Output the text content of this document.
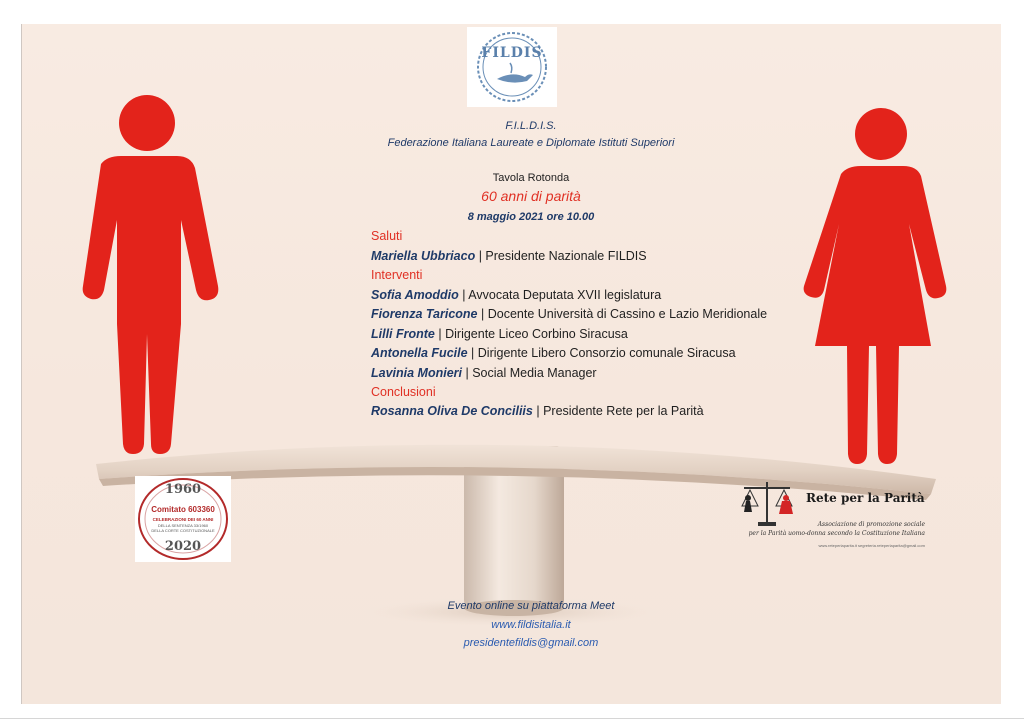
FILDIS

F.I.L.D.I.S.

Federazione Italiana Laureate e Diplomate Istituti Superiori

Tavola Rotonda

60 anni di parità

8 maggio 2021 ore 10.00

Saluti

Mariella Ubbriaco | Presidente Nazionale FILDIS

Interventi

Sofia Amoddio | Avvocata Deputata XVII legislatura

Fiorenza Taricone | Docente Università di Cassino e Lazio Meridionale

Lilli Fronte | Dirigente Liceo Corbino Siracusa

Antonella Fucile | Dirigente Libero Consorzio comunale Siracusa

Lavinia Monieri | Social Media Manager

Conclusioni

Rosanna Oliva De Conciliis | Presidente Rete per la Parità

1960
Comitato 603360
CELEBRAZIONI DEI 60 ANNI
DELLA SENTENZA 33/1960
DELLA CORTE COSTITUZIONALE
2020
Rete per la Parità
Associazione di promozione sociale
per la Parità uomo-donna secondo la Costituzione Italiana
www.reteperlaparita.it segreteria.reteperlaparita@gmail.com

Evento online su piattaforma Meet

www.fildisitalia.it

presidentefildis@gmail.com
